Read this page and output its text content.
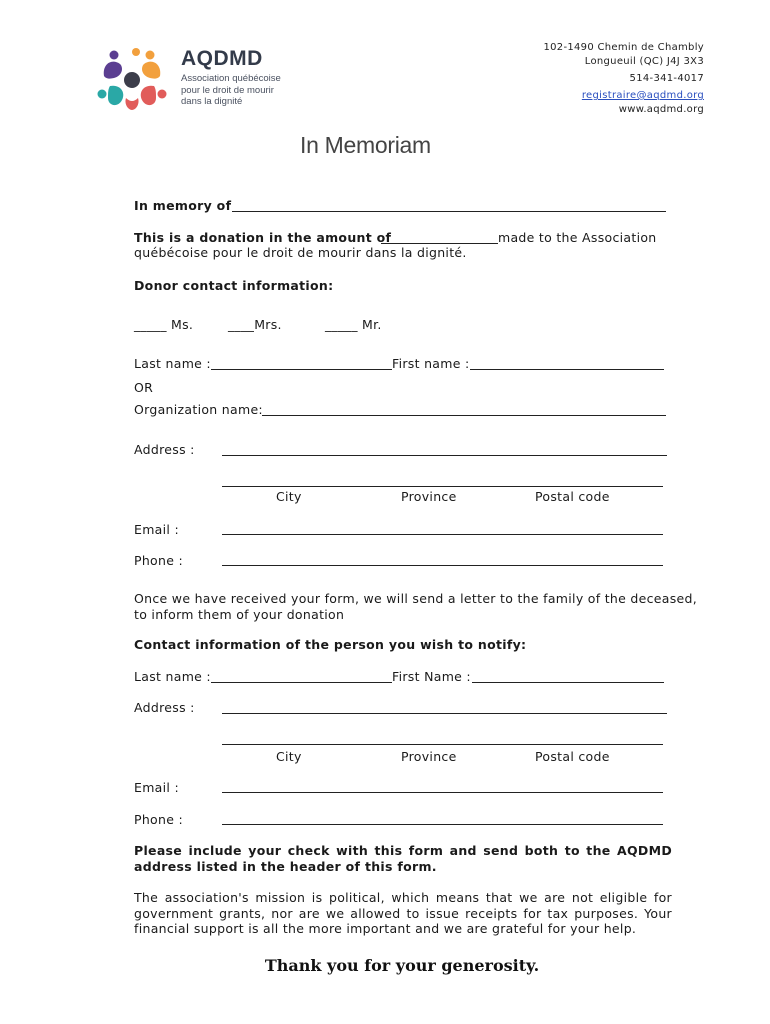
AQDMD
Association québécoise
pour le droit de mourir
dans la dignité
102-1490 Chemin de Chambly
Longueuil (QC) J4J 3X3
514-341-4017
registraire@aqdmd.org
www.aqdmd.org
In Memoriam
In memory of
This is a donation in the amount of	made to the Association
québécoise pour le droit de mourir dans la dignité.
Donor contact information:
_____ Ms.	____Mrs.	_____ Mr.
Last name :	First name :
OR
Organization name:
Address :
City	Province	Postal code
Email :
Phone :
Once we have received your form, we will send a letter to the family of the deceased, to inform them of your donation
Contact information of the person you wish to notify:
Last name :	First Name :
Address :
City	Province	Postal code
Email :
Phone :
Please include your check with this form and send both to the AQDMD address listed in the header of this form.
The association's mission is political, which means that we are not eligible for government grants, nor are we allowed to issue receipts for tax purposes. Your financial support is all the more important and we are grateful for your help.
Thank you for your generosity.
